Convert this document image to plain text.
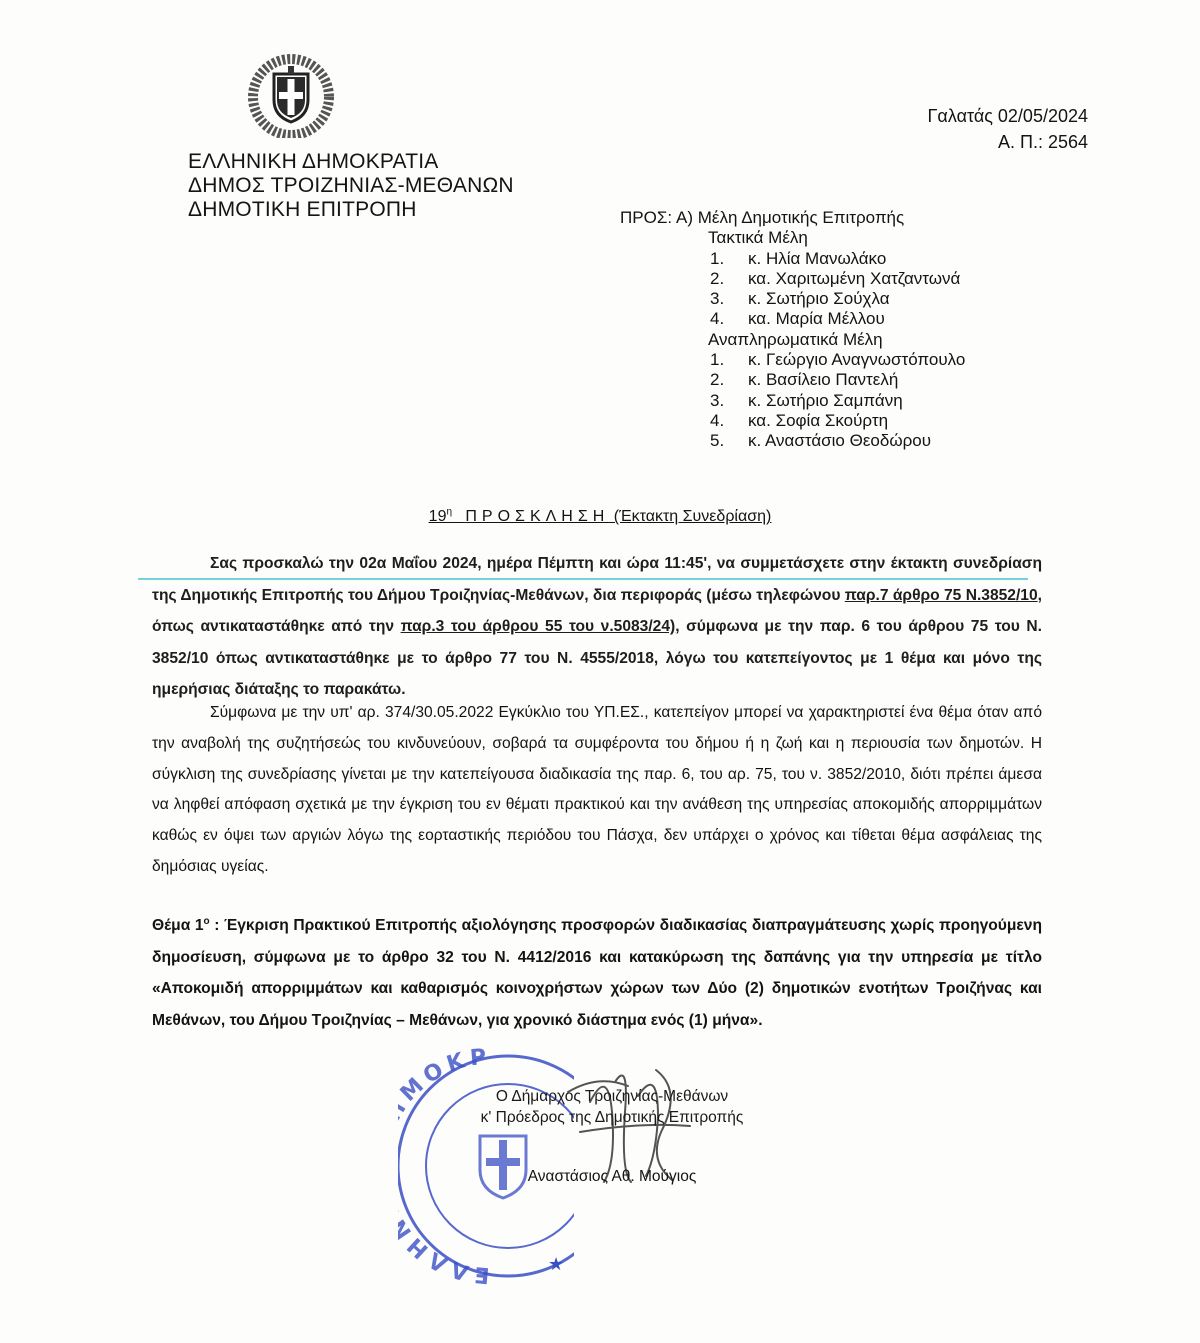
ΕΛΛΗΝΙΚΗ ΔΗΜΟΚΡΑΤΙΑ
ΔΗΜΟΣ ΤΡΟΙΖΗΝΙΑΣ-ΜΕΘΑΝΩΝ
ΔΗΜΟΤΙΚΗ ΕΠΙΤΡΟΠΗ
Γαλατάς 02/05/2024
Α. Π.: 2564
ΠΡΟΣ: Α) Μέλη Δημοτικής Επιτροπής
Τακτικά Μέλη
1. κ. Ηλία Μανωλάκο
2. κα. Χαριτωμένη Χατζαντωνά
3. κ. Σωτήριο Σούχλα
4. κα. Μαρία Μέλλου
Αναπληρωματικά Μέλη
1. κ. Γεώργιο Αναγνωστόπουλο
2. κ. Βασίλειο Παντελή
3. κ. Σωτήριο Σαμπάνη
4. κα. Σοφία Σκούρτη
5. κ. Αναστάσιο Θεοδώρου
$19^\eta$ ΠΡΟΣΚΛΗΣΗ (Έκτακτη Συνεδρίαση)
Σας προσκαλώ την 02α Μαΐου 2024, ημέρα Πέμπτη και ώρα 11:45', να συμμετάσχετε στην έκτακτη συνεδρίαση της Δημοτικής Επιτροπής του Δήμου Τροιζηνίας-Μεθάνων, δια περιφοράς (μέσω τηλεφώνου παρ.7 άρθρο 75 Ν.3852/10, όπως αντικαταστάθηκε από την παρ.3 του άρθρου 55 του ν.5083/24), σύμφωνα με την παρ. 6 του άρθρου 75 του Ν. 3852/10 όπως αντικαταστάθηκε με το άρθρο 77 του Ν. 4555/2018, λόγω του κατεπείγοντος με 1 θέμα και μόνο της ημερήσιας διάταξης το παρακάτω.
Σύμφωνα με την υπ' αρ. 374/30.05.2022 Εγκύκλιο του ΥΠ.ΕΣ., κατεπείγον μπορεί να χαρακτηριστεί ένα θέμα όταν από την αναβολή της συζητήσεώς του κινδυνεύουν, σοβαρά τα συμφέροντα του δήμου ή η ζωή και η περιουσία των δημοτών. Η σύγκλιση της συνεδρίασης γίνεται με την κατεπείγουσα διαδικασία της παρ. 6, του αρ. 75, του ν. 3852/2010, διότι πρέπει άμεσα να ληφθεί απόφαση σχετικά με την έγκριση του εν θέματι πρακτικού και την ανάθεση της υπηρεσίας αποκομιδής απορριμμάτων καθώς εν όψει των αργιών λόγω της εορταστικής περιόδου του Πάσχα, δεν υπάρχει ο χρόνος και τίθεται θέμα ασφάλειας της δημόσιας υγείας.
Θέμα $1^o$ : Έγκριση Πρακτικού Επιτροπής αξιολόγησης προσφορών διαδικασίας διαπραγμάτευσης χωρίς προηγούμενη δημοσίευση, σύμφωνα με το άρθρο 32 του Ν. 4412/2016 και κατακύρωση της δαπάνης για την υπηρεσία με τίτλο «Αποκομιδή απορριμμάτων και καθαρισμός κοινοχρήστων χώρων των Δύο (2) δημοτικών ενοτήτων Τροιζήνας και Μεθάνων, του Δήμου Τροιζηνίας – Μεθάνων, για χρονικό διάστημα ενός (1) μήνα».
ΕΛΛΗ ΜΟΚΡ
★
Ο Δήμαρχος Τροιζηνίας-Μεθάνων
κ' Πρόεδρος της Δημοτικής Επιτροπής
Αναστάσιος Αθ. Μούγιος
